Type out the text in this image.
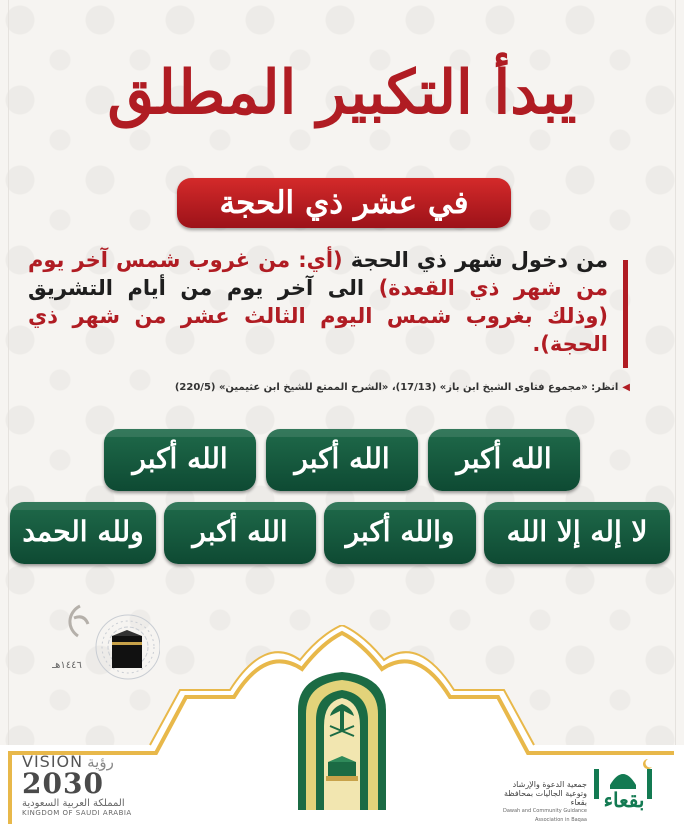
يبدأ التكبير المطلق
في عشر ذي الحجة
من دخول شهر ذي الحجة (أي: من غروب شمس آخر يوم من شهر ذي القعدة) الى آخر يوم من أيام التشريق (وذلك بغروب شمس اليوم الثالث عشر من شهر ذي الحجة).
◀انظر: «مجموع فتاوى الشيخ ابن باز» (17/13)، «الشرح الممتع للشيخ ابن عثيمين» (220/5)
الله أكبر
الله أكبر
الله أكبر
لا إله إلا الله
والله أكبر
الله أكبر
ولله الحمد
١٤٤٦هـ
VISION رؤية
2030
المملكة العربية السعودية
KINGDOM OF SAUDI ARABIA
جمعية الدعوة والإرشاد
وتوعية الجاليات بمحافظة بقعاء
Dawah and Community Guidance Association in Baqaa
بقعاء
